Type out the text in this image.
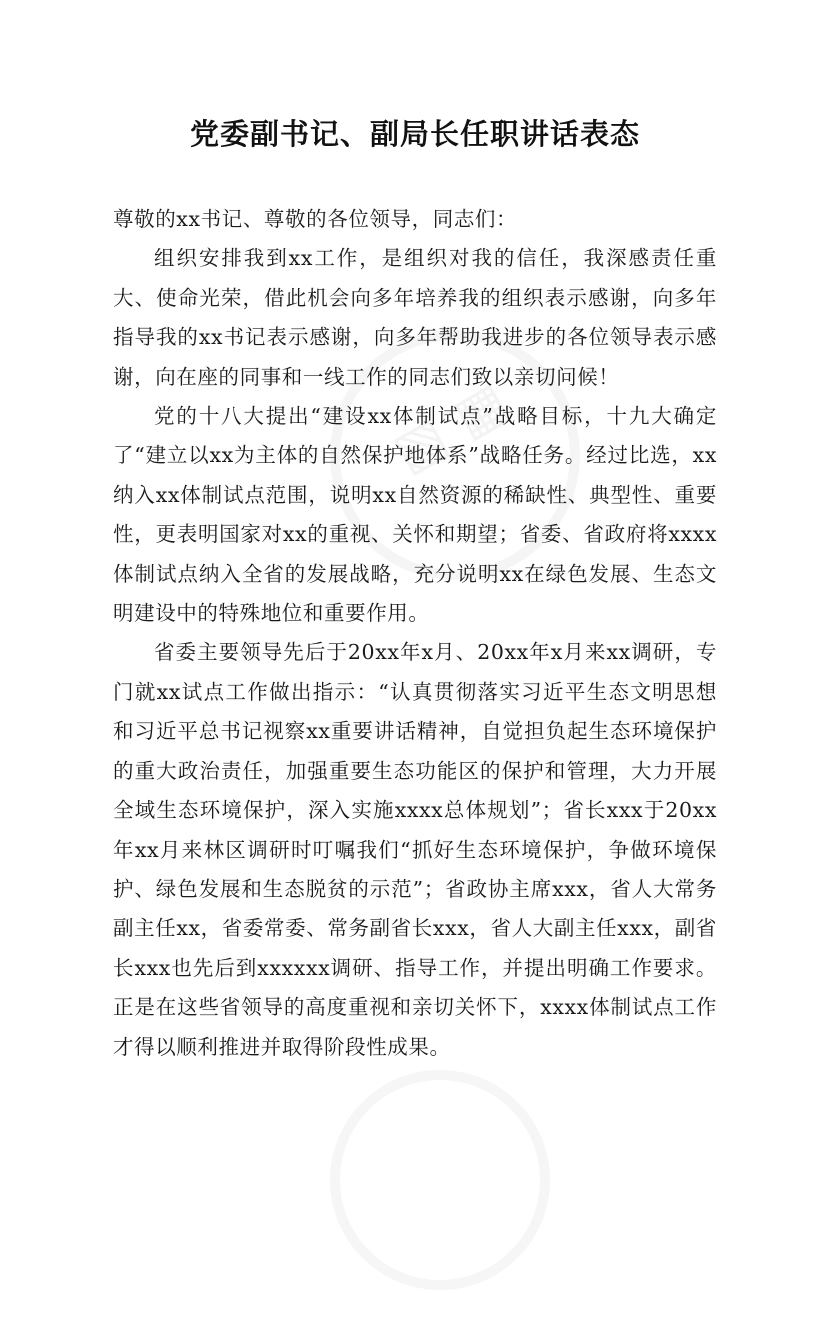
▧ ▦
党委副书记、副局长任职讲话表态

尊敬的xx书记、尊敬的各位领导，同志们：

组织安排我到xx工作，是组织对我的信任，我深感责任重大、使命光荣，借此机会向多年培养我的组织表示感谢，向多年指导我的xx书记表示感谢，向多年帮助我进步的各位领导表示感谢，向在座的同事和一线工作的同志们致以亲切问候！

党的十八大提出“建设xx体制试点”战略目标，十九大确定了“建立以xx为主体的自然保护地体系”战略任务。经过比选，xx纳入xx体制试点范围，说明xx自然资源的稀缺性、典型性、重要性，更表明国家对xx的重视、关怀和期望；省委、省政府将xxxx体制试点纳入全省的发展战略，充分说明xx在绿色发展、生态文明建设中的特殊地位和重要作用。

省委主要领导先后于20xx年x月、20xx年x月来xx调研，专门就xx试点工作做出指示：“认真贯彻落实习近平生态文明思想和习近平总书记视察xx重要讲话精神，自觉担负起生态环境保护的重大政治责任，加强重要生态功能区的保护和管理，大力开展全域生态环境保护，深入实施xxxx总体规划”；省长xxx于20xx年xx月来林区调研时叮嘱我们“抓好生态环境保护，争做环境保护、绿色发展和生态脱贫的示范”；省政协主席xxx，省人大常务副主任xx，省委常委、常务副省长xxx，省人大副主任xxx，副省长xxx也先后到xxxxxx调研、指导工作，并提出明确工作要求。正是在这些省领导的高度重视和亲切关怀下，xxxx体制试点工作才得以顺利推进并取得阶段性成果。
